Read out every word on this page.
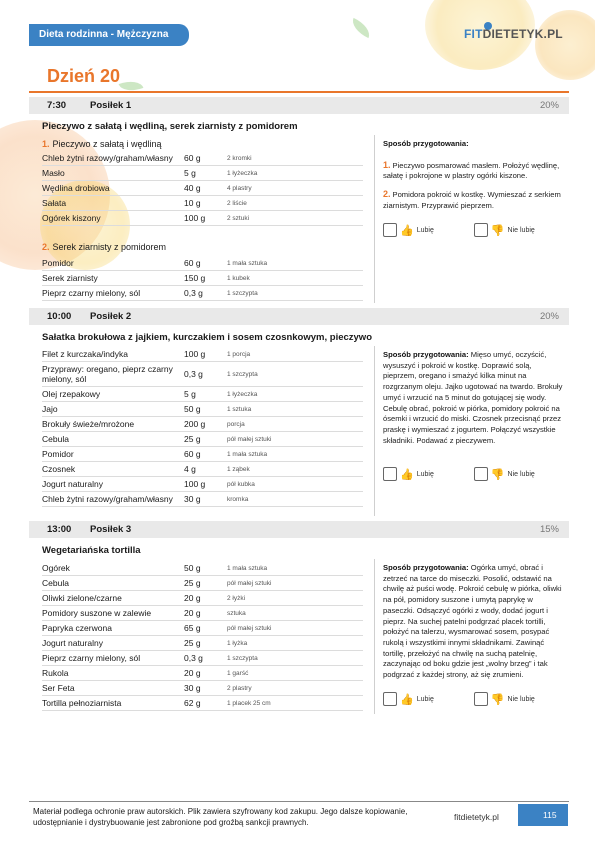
Dieta rodzinna - Mężczyzna	FITDIETETYK.PL
Dzień 20
7:30	Posiłek 1	20%
Pieczywo z sałatą i wędliną, serek ziarnisty z pomidorem
1. Pieczywo z sałatą i wędliną
Chleb żytni razowy/graham/własny	60 g	2 kromki
Masło	5 g	1 łyżeczka
Wędlina drobiowa	40 g	4 plastry
Sałata	10 g	2 liście
Ogórek kiszony	100 g	2 sztuki
2. Serek ziarnisty z pomidorem
Pomidor	60 g	1 mała sztuka
Serek ziarnisty	150 g	1 kubek
Pieprz czarny mielony, sól	0,3 g	1 szczypta
Sposób przygotowania:
1. Pieczywo posmarować masłem. Położyć wędlinę, sałatę i pokrojone w plastry ogórki kiszone.
2. Pomidora pokroić w kostkę. Wymieszać z serkiem ziarnistym. Przyprawić pieprzem.
👍 Lubię	👎 Nie lubię
10:00 Posiłek 2	20%
Sałatka brokułowa z jajkiem, kurczakiem i sosem czosnkowym, pieczywo
Filet z kurczaka/indyka	100 g	1 porcja
Przyprawy: oregano, pieprz czarny mielony, sól	0,3 g	1 szczypta
Olej rzepakowy	5 g	1 łyżeczka
Jajo	50 g	1 sztuka
Brokuły świeże/mrożone	200 g	porcja
Cebula	25 g	pół małej sztuki
Pomidor	60 g	1 mała sztuka
Czosnek	4 g	1 ząbek
Jogurt naturalny	100 g	pół kubka
Chleb żytni razowy/graham/własny	30 g	kromka
Sposób przygotowania: Mięso umyć, oczyścić, wysuszyć i pokroić w kostkę. Doprawić solą, pieprzem, oregano i smażyć kilka minut na rozgrzanym oleju. Jajko ugotować na twardo. Brokuły umyć i wrzucić na 5 minut do gotującej się wody. Cebulę obrać, pokroić w piórka, pomidory pokroić na ósemki i wrzucić do miski. Czosnek przecisnąć przez praskę i wymieszać z jogurtem. Połączyć wszystkie składniki. Podawać z pieczywem.
👍 Lubię	👎 Nie lubię
13:00 Posiłek 3	15%
Wegetariańska tortilla
Ogórek	50 g	1 mała sztuka
Cebula	25 g	pół małej sztuki
Oliwki zielone/czarne	20 g	2 łyżki
Pomidory suszone w zalewie	20 g	sztuka
Papryka czerwona	65 g	pół małej sztuki
Jogurt naturalny	25 g	1 łyżka
Pieprz czarny mielony, sól	0,3 g	1 szczypta
Rukola	20 g	1 garść
Ser Feta	30 g	2 plastry
Tortilla pełnoziarnista	62 g	1 placek 25 cm
Sposób przygotowania: Ogórka umyć, obrać i zetrzeć na tarce do miseczki. Posolić, odstawić na chwilę aż puści wodę. Pokroić cebulę w piórka, oliwki na pół, pomidory suszone i umytą paprykę w paseczki. Odsączyć ogórki z wody, dodać jogurt i pieprz. Na suchej patelni podgrzać placek tortilli, położyć na talerzu, wysmarować sosem, posypać rukolą i wszystkimi innymi składnikami. Zawinąć tortillę, przełożyć na chwilę na suchą patelnię, zaczynając od boku gdzie jest „wolny brzeg” i tak podgrzać z każdej strony, aż się zrumieni.
👍 Lubię	👎 Nie lubię
Materiał podlega ochronie praw autorskich. Plik zawiera szyfrowany kod zakupu. Jego dalsze kopiowanie, udostępnianie i dystrybuowanie jest zabronione pod groźbą sankcji prawnych.
fitdietetyk.pl	115
